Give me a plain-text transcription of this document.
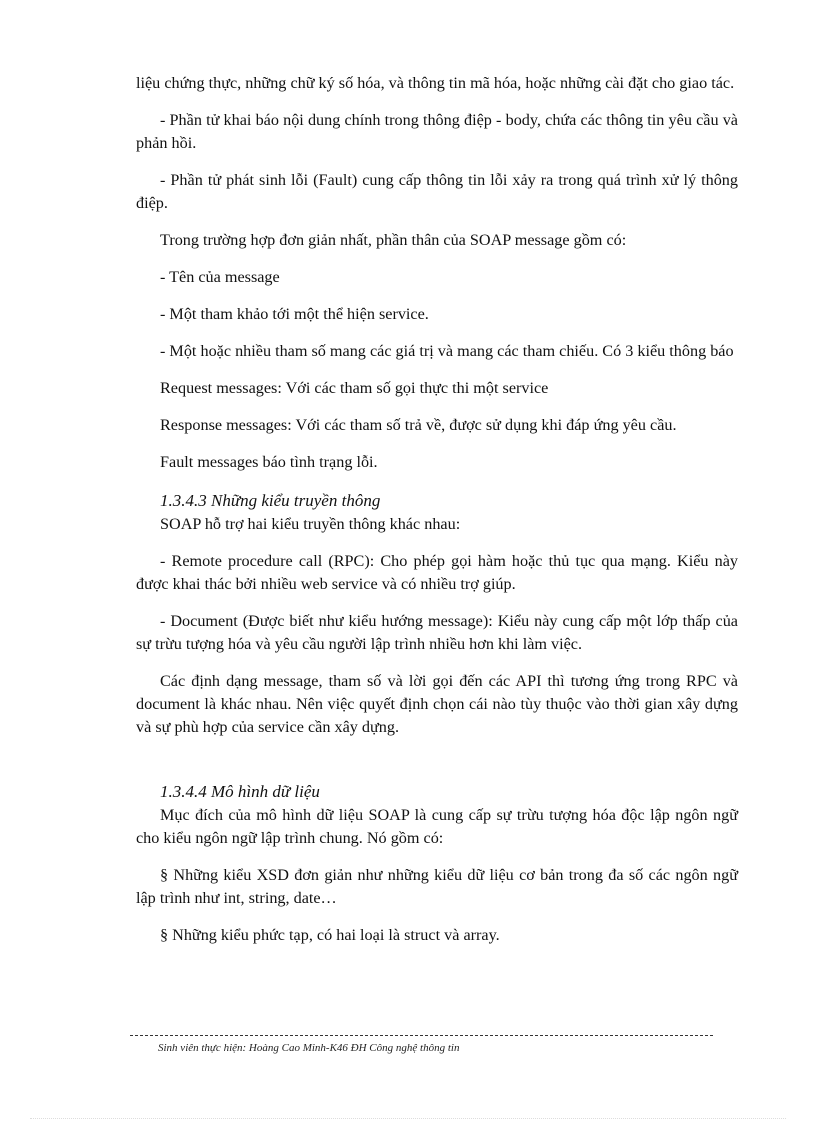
liệu chứng thực, những chữ ký số hóa, và thông tin mã hóa, hoặc những cài đặt cho giao tác.

- Phần tử khai báo nội dung chính trong thông điệp - body, chứa các thông tin yêu cầu và phản hồi.

- Phần tử phát sinh lỗi (Fault) cung cấp thông tin lỗi xảy ra trong quá trình xử lý thông điệp.

Trong trường hợp đơn giản nhất, phần thân của SOAP message gồm có:

- Tên của message

- Một tham khảo tới một thể hiện service.

- Một hoặc nhiều tham số mang các giá trị và mang các tham chiếu. Có 3 kiểu thông báo

Request messages: Với các tham số gọi thực thi một service

Response messages: Với các tham số trả về, được sử dụng khi đáp ứng yêu cầu.

Fault messages báo tình trạng lỗi.

1.3.4.3 Những kiểu truyền thông

SOAP hỗ trợ hai kiểu truyền thông khác nhau:

- Remote procedure call (RPC): Cho phép gọi hàm hoặc thủ tục qua mạng. Kiểu này được khai thác bởi nhiều web service và có nhiều trợ giúp.

- Document (Được biết như kiểu hướng message): Kiểu này cung cấp một lớp thấp của sự trừu tượng hóa và yêu cầu người lập trình nhiều hơn khi làm việc.

Các định dạng message, tham số và lời gọi đến các API thì tương ứng trong RPC và document là khác nhau. Nên việc quyết định chọn cái nào tùy thuộc vào thời gian xây dựng và sự phù hợp của service cần xây dựng.

1.3.4.4 Mô hình dữ liệu

Mục đích của mô hình dữ liệu SOAP là cung cấp sự trừu tượng hóa độc lập ngôn ngữ cho kiểu ngôn ngữ lập trình chung. Nó gồm có:

§ Những kiểu XSD đơn giản như những kiểu dữ liệu cơ bản trong đa số các ngôn ngữ lập trình như int, string, date…

§ Những kiểu phức tạp, có hai loại là struct và array.

Sinh viên thực hiện: Hoàng Cao Minh-K46 ĐH Công nghệ thông tin
